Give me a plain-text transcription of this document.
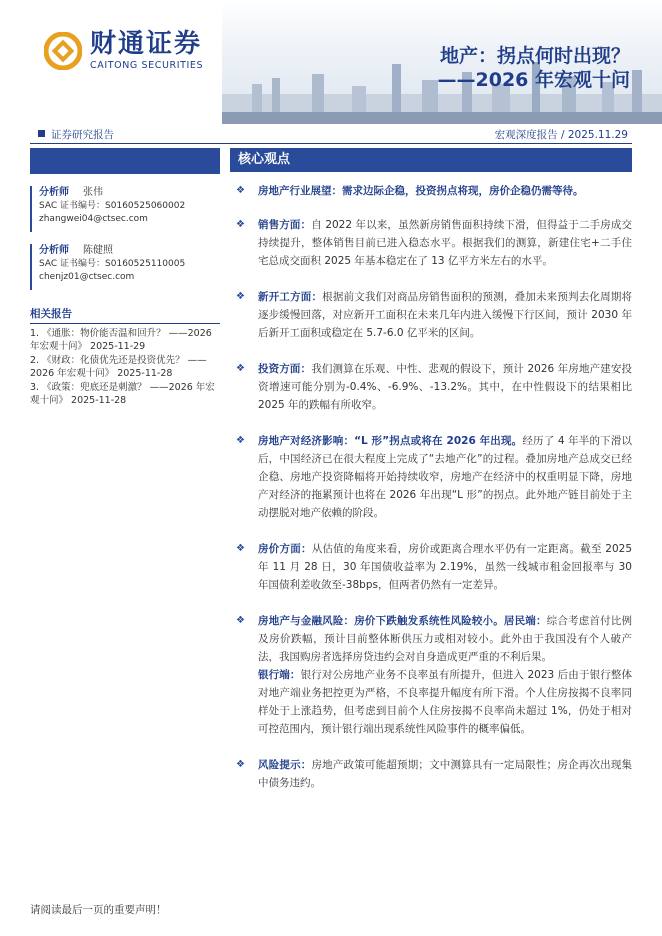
财通证券
CAITONG SECURITIES	地产：拐点何时出现？
——2026 年宏观十问
证券研究报告	宏观深度报告 / 2025.11.29
分析师 张伟
SAC 证书编号：S0160525060002
zhangwei04@ctsec.com
分析师 陈健照
SAC 证书编号：S0160525110005
chenjz01@ctsec.com
相关报告
1. 《通胀：物价能否温和回升？ ——2026 年宏观十问》 2025-11-29
2. 《财政：化债优先还是投资优先？ ——2026 年宏观十问》 2025-11-28
3. 《政策：兜底还是刺激？ ——2026 年宏观十问》 2025-11-28
核心观点
❖ 房地产行业展望：需求边际企稳，投资拐点将现，房价企稳仍需等待。
❖ 销售方面：自 2022 年以来，虽然新房销售面积持续下滑，但得益于二手房成交持续提升，整体销售目前已进入稳态水平。根据我们的测算，新建住宅+二手住宅总成交面积 2025 年基本稳定在了 13 亿平方米左右的水平。
❖ 新开工方面：根据前文我们对商品房销售面积的预测，叠加未来预判去化周期将逐步缓慢回落，对应新开工面积在未来几年内进入缓慢下行区间，预计 2030 年后新开工面积或稳定在 5.7-6.0 亿平米的区间。
❖ 投资方面：我们测算在乐观、中性、悲观的假设下，预计 2026 年房地产建安投资增速可能分别为-0.4%、-6.9%、-13.2%。其中，在中性假设下的结果相比 2025 年的跌幅有所收窄。
❖ 房地产对经济影响：“L 形”拐点或将在 2026 年出现。经历了 4 年半的下滑以后，中国经济已在很大程度上完成了“去地产化”的过程。叠加房地产总成交已经企稳、房地产投资降幅将开始持续收窄，房地产在经济中的权重明显下降，房地产对经济的拖累预计也将在 2026 年出现“L 形”的拐点。此外地产链目前处于主动摆脱对地产依赖的阶段。
❖ 房价方面：从估值的角度来看，房价或距离合理水平仍有一定距离。截至 2025 年 11 月 28 日，30 年国债收益率为 2.19%，虽然一线城市租金回报率与 30 年国债利差收敛至-38bps，但两者仍然有一定差异。
❖ 房地产与金融风险：房价下跌触发系统性风险较小。居民端：综合考虑首付比例及房价跌幅，预计目前整体断供压力或相对较小。此外由于我国没有个人破产法，我国购房者选择房贷违约会对自身造成更严重的不利后果。
银行端：银行对公房地产业务不良率虽有所提升，但进入 2023 后由于银行整体对地产端业务把控更为严格，不良率提升幅度有所下滑。个人住房按揭不良率同样处于上涨趋势，但考虑到目前个人住房按揭不良率尚未超过 1%，仍处于相对可控范围内，预计银行端出现系统性风险事件的概率偏低。
❖ 风险提示：房地产政策可能超预期；文中测算具有一定局限性；房企再次出现集中债务违约。
请阅读最后一页的重要声明！
